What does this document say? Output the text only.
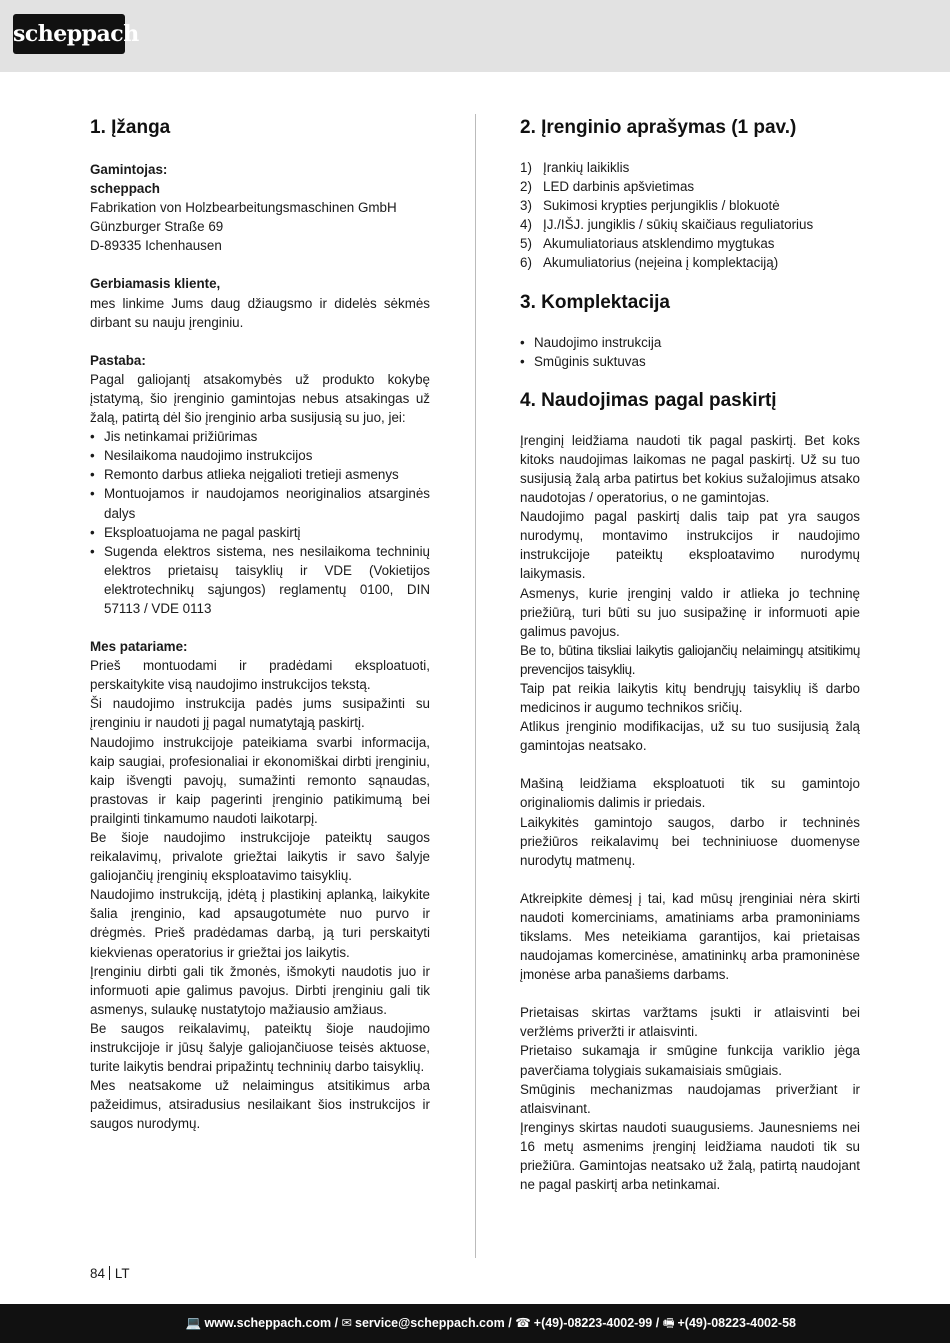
scheppach
1. Įžanga

Gamintojas:

scheppach

Fabrikation von Holzbearbeitungsmaschinen GmbH

Günzburger Straße 69

D-89335 Ichenhausen

Gerbiamasis kliente,

mes linkime Jums daug džiaugsmo ir didelės sėkmės dirbant su nauju įrenginiu.

Pastaba:

Pagal galiojantį atsakomybės už produkto kokybę įstatymą, šio įrenginio gamintojas nebus atsakingas už žalą, patirtą dėl šio įrenginio arba susijusią su juo, jei:

• Jis netinkamai prižiūrimas
• Nesilaikoma naudojimo instrukcijos
• Remonto darbus atlieka neįgalioti tretieji asmenys
• Montuojamos ir naudojamos neoriginalios atsarginės dalys
• Eksploatuojama ne pagal paskirtį
• Sugenda elektros sistema, nes nesilaikoma techninių elektros prietaisų taisyklių ir VDE (Vokietijos elektrotechnikų sąjungos) reglamentų 0100, DIN 57113 / VDE 0113

Mes patariame:

Prieš montuodami ir pradėdami eksploatuoti, perskaitykite visą naudojimo instrukcijos tekstą.

Ši naudojimo instrukcija padės jums susipažinti su įrenginiu ir naudoti jį pagal numatytąją paskirtį.

Naudojimo instrukcijoje pateikiama svarbi informacija, kaip saugiai, profesionaliai ir ekonomiškai dirbti įrenginiu, kaip išvengti pavojų, sumažinti remonto sąnaudas, prastovas ir kaip pagerinti įrenginio patikimumą bei prailginti tinkamumo naudoti laikotarpį.

Be šioje naudojimo instrukcijoje pateiktų saugos reikalavimų, privalote griežtai laikytis ir savo šalyje galiojančių įrenginių eksploatavimo taisyklių.

Naudojimo instrukciją, įdėtą į plastikinį aplanką, laikykite šalia įrenginio, kad apsaugotumėte nuo purvo ir drėgmės. Prieš pradėdamas darbą, ją turi perskaityti kiekvienas operatorius ir griežtai jos laikytis.

Įrenginiu dirbti gali tik žmonės, išmokyti naudotis juo ir informuoti apie galimus pavojus. Dirbti įrenginiu gali tik asmenys, sulaukę nustatytojo mažiausio amžiaus.

Be saugos reikalavimų, pateiktų šioje naudojimo instrukcijoje ir jūsų šalyje galiojančiuose teisės aktuose, turite laikytis bendrai pripažintų techninių darbo taisyklių.

Mes neatsakome už nelaimingus atsitikimus arba pažeidimus, atsiradusius nesilaikant šios instrukcijos ir saugos nurodymų.

2. Įrenginio aprašymas (1 pav.)
1) Įrankių laikiklis
2) LED darbinis apšvietimas
3) Sukimosi krypties perjungiklis / blokuotė
4) ĮJ./IŠJ. jungiklis / sūkių skaičiaus reguliatorius
5) Akumuliatoriaus atsklendimo mygtukas
6) Akumuliatorius (neįeina į komplektaciją)
3. Komplektacija
• Naudojimo instrukcija
• Smūginis suktuvas
4. Naudojimas pagal paskirtį

Įrenginį leidžiama naudoti tik pagal paskirtį. Bet koks kitoks naudojimas laikomas ne pagal paskirtį. Už su tuo susijusią žalą arba patirtus bet kokius sužalojimus atsako naudotojas / operatorius, o ne gamintojas.

Naudojimo pagal paskirtį dalis taip pat yra saugos nurodymų, montavimo instrukcijos ir naudojimo instrukcijoje pateiktų eksploatavimo nurodymų laikymasis.

Asmenys, kurie įrenginį valdo ir atlieka jo techninę priežiūrą, turi būti su juo susipažinę ir informuoti apie galimus pavojus.

Be to, būtina tiksliai laikytis galiojančių nelaimingų atsitikimų prevencijos taisyklių.

Taip pat reikia laikytis kitų bendrųjų taisyklių iš darbo medicinos ir augumo technikos sričių.

Atlikus įrenginio modifikacijas, už su tuo susijusią žalą gamintojas neatsako.

Mašiną leidžiama eksploatuoti tik su gamintojo originaliomis dalimis ir priedais.

Laikykitės gamintojo saugos, darbo ir techninės priežiūros reikalavimų bei techniniuose duomenyse nurodytų matmenų.

Atkreipkite dėmesį į tai, kad mūsų įrenginiai nėra skirti naudoti komerciniams, amatiniams arba pramoniniams tikslams. Mes neteikiama garantijos, kai prietaisas naudojamas komercinėse, amatininkų arba pramoninėse įmonėse arba panašiems darbams.

Prietaisas skirtas varžtams įsukti ir atlaisvinti bei veržlėms priveržti ir atlaisvinti.

Prietaiso sukamąja ir smūgine funkcija variklio jėga paverčiama tolygiais sukamaisiais smūgiais.

Smūginis mechanizmas naudojamas priveržiant ir atlaisvinant.

Įrenginys skirtas naudoti suaugusiems. Jaunesniems nei 16 metų asmenims įrenginį leidžiama naudoti tik su priežiūra. Gamintojas neatsako už žalą, patirtą naudojant ne pagal paskirtį arba netinkamai.

84 LT
💻 www.scheppach.com / ✉ service@scheppach.com / ☎ +(49)-08223-4002-99 / 🖷 +(49)-08223-4002-58
